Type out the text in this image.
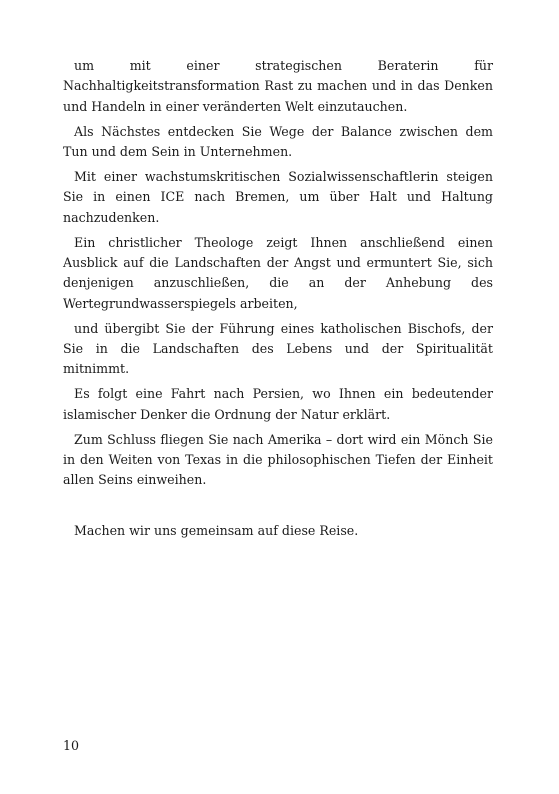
um mit einer strategischen Beraterin für Nachhaltigkeitstransformation Rast zu machen und in das Denken und Handeln in einer veränderten Welt einzutauchen.

Als Nächstes entdecken Sie Wege der Balance zwischen dem Tun und dem Sein in Unternehmen.

Mit einer wachstumskritischen Sozialwissenschaftlerin steigen Sie in einen ICE nach Bremen, um über Halt und Haltung nachzudenken.

Ein christlicher Theologe zeigt Ihnen anschließend einen Ausblick auf die Landschaften der Angst und ermuntert Sie, sich denjenigen anzuschließen, die an der Anhebung des Wertegrundwasserspiegels arbeiten,

und übergibt Sie der Führung eines katholischen Bischofs, der Sie in die Landschaften des Lebens und der Spiritualität mitnimmt.

Es folgt eine Fahrt nach Persien, wo Ihnen ein bedeutender islamischer Denker die Ordnung der Natur erklärt.

Zum Schluss fliegen Sie nach Amerika – dort wird ein Mönch Sie in den Weiten von Texas in die philosophischen Tiefen der Einheit allen Seins einweihen.

Machen wir uns gemeinsam auf diese Reise.

10
